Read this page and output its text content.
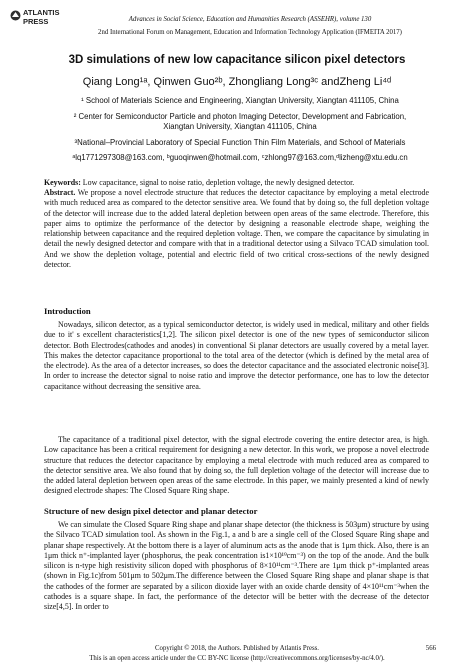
ATLANTIS
PRESS	Advances in Social Science, Education and Humanities Research (ASSEHR), volume 130
2nd International Forum on Management, Education and Information Technology Application (IFMEITA 2017)
3D simulations of new low capacitance silicon pixel detectors
Qiang Long¹ᵃ, Qinwen Guo²ᵇ, Zhongliang Long³ᶜ andZheng Li⁴ᵈ
¹ School of Materials Science and Engineering, Xiangtan University, Xiangtan 411105, China
² Center for Semiconductor Particle and photon Imaging Detector, Development and Fabrication,
Xiangtan University, Xiangtan 411105, China
³National–Provincial Laboratory of Special Function Thin Film Materials, and School of Materials
ᵃlq1771297308@163.com, ᵇguoqinwen@hotmail.com, ᶜzhlong97@163.com,ᵈlizheng@xtu.edu.cn
Keywords: Low capacitance, signal to noise ratio, depletion voltage, the newly designed detector.
Abstract. We propose a novel electrode structure that reduces the detector capacitance by employing a metal electrode with much reduced area as compared to the detector sensitive area. We found that by doing so, the full depletion voltage of the detector will increase due to the added lateral depletion between open areas of the same electrode. Therefore, this paper aims to optimize the performance of the detector by designing a reasonable electrode shape, weighing the relationship between capacitance and the required depletion voltage. Then, we compare the capacitance by simulating in detail the newly designed detector and compare with that in a traditional detector using a Silvaco TCAD simulation tool. And we show the depletion voltage, potential and electric field of two critical cross-sections of the newly designed detector.
Introduction
Nowadays, silicon detector, as a typical semiconductor detector, is widely used in medical, military and other fields due to it' s excellent characteristics[1,2]. The silicon pixel detector is one of the new types of semiconductor silicon detector. Both Electrodes(cathodes and anodes) in conventional Si planar detectors are usually covered by a metal layer. This makes the detector capacitance proportional to the total area of the detector (which is defined by the metal area of the electrode). As the area of a detector increases, so does the detector capacitance and the associated electronic noise[3]. In order to increase the detector signal to noise ratio and improve the detector performance, one has to low the detector capacitance without decreasing the sensitive area.
The capacitance of a traditional pixel detector, with the signal electrode covering the entire detector area, is high. Low capacitance has been a critical requirement for designing a new detector. In this work, we propose a novel electrode structure that reduces the detector capacitance by employing a metal electrode with much reduced area as compared to the detector sensitive area. We also found that by doing so, the full depletion voltage of the detector will increase due to the added lateral depletion between open areas of the same electrode. In this paper, we mainly presented a kind of newly designed electrode shapes: The Closed Square Ring shape.
Structure of new design pixel detector and planar detector
We can simulate the Closed Square Ring shape and planar shape detector (the thickness is 503μm) structure by using the Silvaco TCAD simulation tool. As shown in the Fig.1, a and b are a single cell of the Closed Square Ring shape and planar shape respectively. At the bottom there is a layer of aluminum acts as the anode that is 1μm thick. Also, there is an 1μm thick n⁺-implanted layer (phosphorus, the peak concentration is1×10¹⁹cm⁻³) on the top of the anode. And the bulk silicon is n-type high resistivity silicon doped with phosphorus of 8×10¹¹cm⁻³.There are 1μm thick p⁺-implanted areas (shown in Fig.1c)from 501μm to 502μm.The difference between the Closed Square Ring shape and planar shape is that the cathodes of the former are separated by a silicon dioxide layer with an oxide charde density of 4×10¹¹cm⁻³when the cathodes is a square shape. In fact, the performance of the detector will be better with the decrease of the detector size[4,5]. In order to
Copyright © 2018, the Authors. Published by Atlantis Press.
This is an open access article under the CC BY-NC license (http://creativecommons.org/licenses/by-nc/4.0/).
566
